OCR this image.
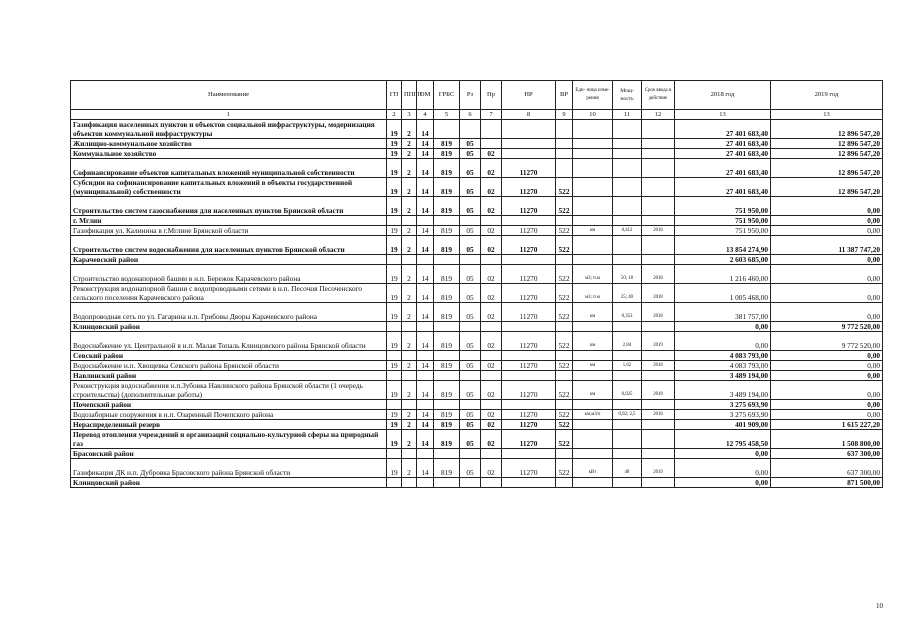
Наименование	ГП	ППГП	ОМ	ГРБС	Рз	Пр	НР	ВР	Еди- ница изме- рения	Мощ- ность	Срок ввода в действие	2018 год	2019 год
1	2	3	4	5	6	7	8	9	10	11	12	13	13
Газификация населенных пунктов и объектов социальной инфраструктуры, модернизация объектов коммунальной инфраструктуры	19	2	14									27 401 683,40	12 896 547,20
Жилищно-коммунальное хозяйство	19	2	14	819	05							27 401 683,40	12 896 547,20
Коммунальное хозяйство	19	2	14	819	05	02						27 401 683,40	12 896 547,20
Софинансирование объектов капитальных вложений муниципальной собственности	19	2	14	819	05	02	11270					27 401 683,40	12 896 547,20
Субсидии на софинансирование капитальных вложений в объекты государственной (муниципальной) собственности	19	2	14	819	05	02	11270	522				27 401 683,40	12 896 547,20
Строительство систем газоснабжения для населенных пунктов Брянской области	19	2	14	819	05	02	11270	522				751 950,00	0,00
г. Мглин												751 950,00	0,00
Газификация ул. Калинина в г.Мглине Брянской области	19	2	14	819	05	02	11270	522	км	0,412	2018	751 950,00	0,00
Строительство систем водоснабжения для населенных пунктов Брянской области	19	2	14	819	05	02	11270	522				13 854 274,90	11 387 747,20
Карачевский район												2 603 685,00	0,00
Строительство водонапорной башни в н.п. Бережок Карачевского района	19	2	14	819	05	02	11270	522	м3; п.м	50; 18	2018	1 216 460,00	0,00
Реконструкция водонапорной башни с водопроводными сетями в н.п. Песочня Песоченского сельского поселения Карачевского района	19	2	14	819	05	02	11270	522	м3; п.м	25; 40	2018	1 005 468,00	0,00
Водопроводная сеть по ул. Гагарина н.п. Грибовы Дворы Карачевского района	19	2	14	819	05	02	11270	522	км	0,353	2018	381 757,00	0,00
Клинцовский район												0,00	9 772 520,00
Водоснабжение ул. Центральной в н.п. Малая Топаль Клинцовского района Брянской области	19	2	14	819	05	02	11270	522	км	2,84	2019	0,00	9 772 520,00
Севский район												4 083 793,00	0,00
Водоснабжение н.п. Хвощевка Севского района Брянской области	19	2	14	819	05	02	11270	522	км	1,62	2018	4 083 793,00	0,00
Навлинский район												3 489 194,00	0,00
Реконструкция водоснабжения н.п.Зубовка Навлинского района Брянской области (1 очередь строительства) (дополнительные работы)	19	2	14	819	05	02	11270	522	км	0,025	2018	3 489 194,00	0,00
Почепский район												3 275 693,90	0,00
Водозаборные сооружения в н.п. Озаренный Почепского района	19	2	14	819	05	02	11270	522	км,м3/ч	0,02; 2,5	2018	3 275 693,90	0,00
Нераспределенный резерв	19	2	14	819	05	02	11270	522				401 909,00	1 615 227,20
Перевод отопления учреждений и организаций социально-культурной сферы на природный газ	19	2	14	819	05	02	11270	522				12 795 458,50	1 508 800,00
Брасовский район												0,00	637 300,00
Газификация ДК н.п. Дубровка Брасовского района Брянской области	19	2	14	819	05	02	11270	522	кВт	48	2019	0,00	637 300,00
Клинцовский район												0,00	871 500,00
10
